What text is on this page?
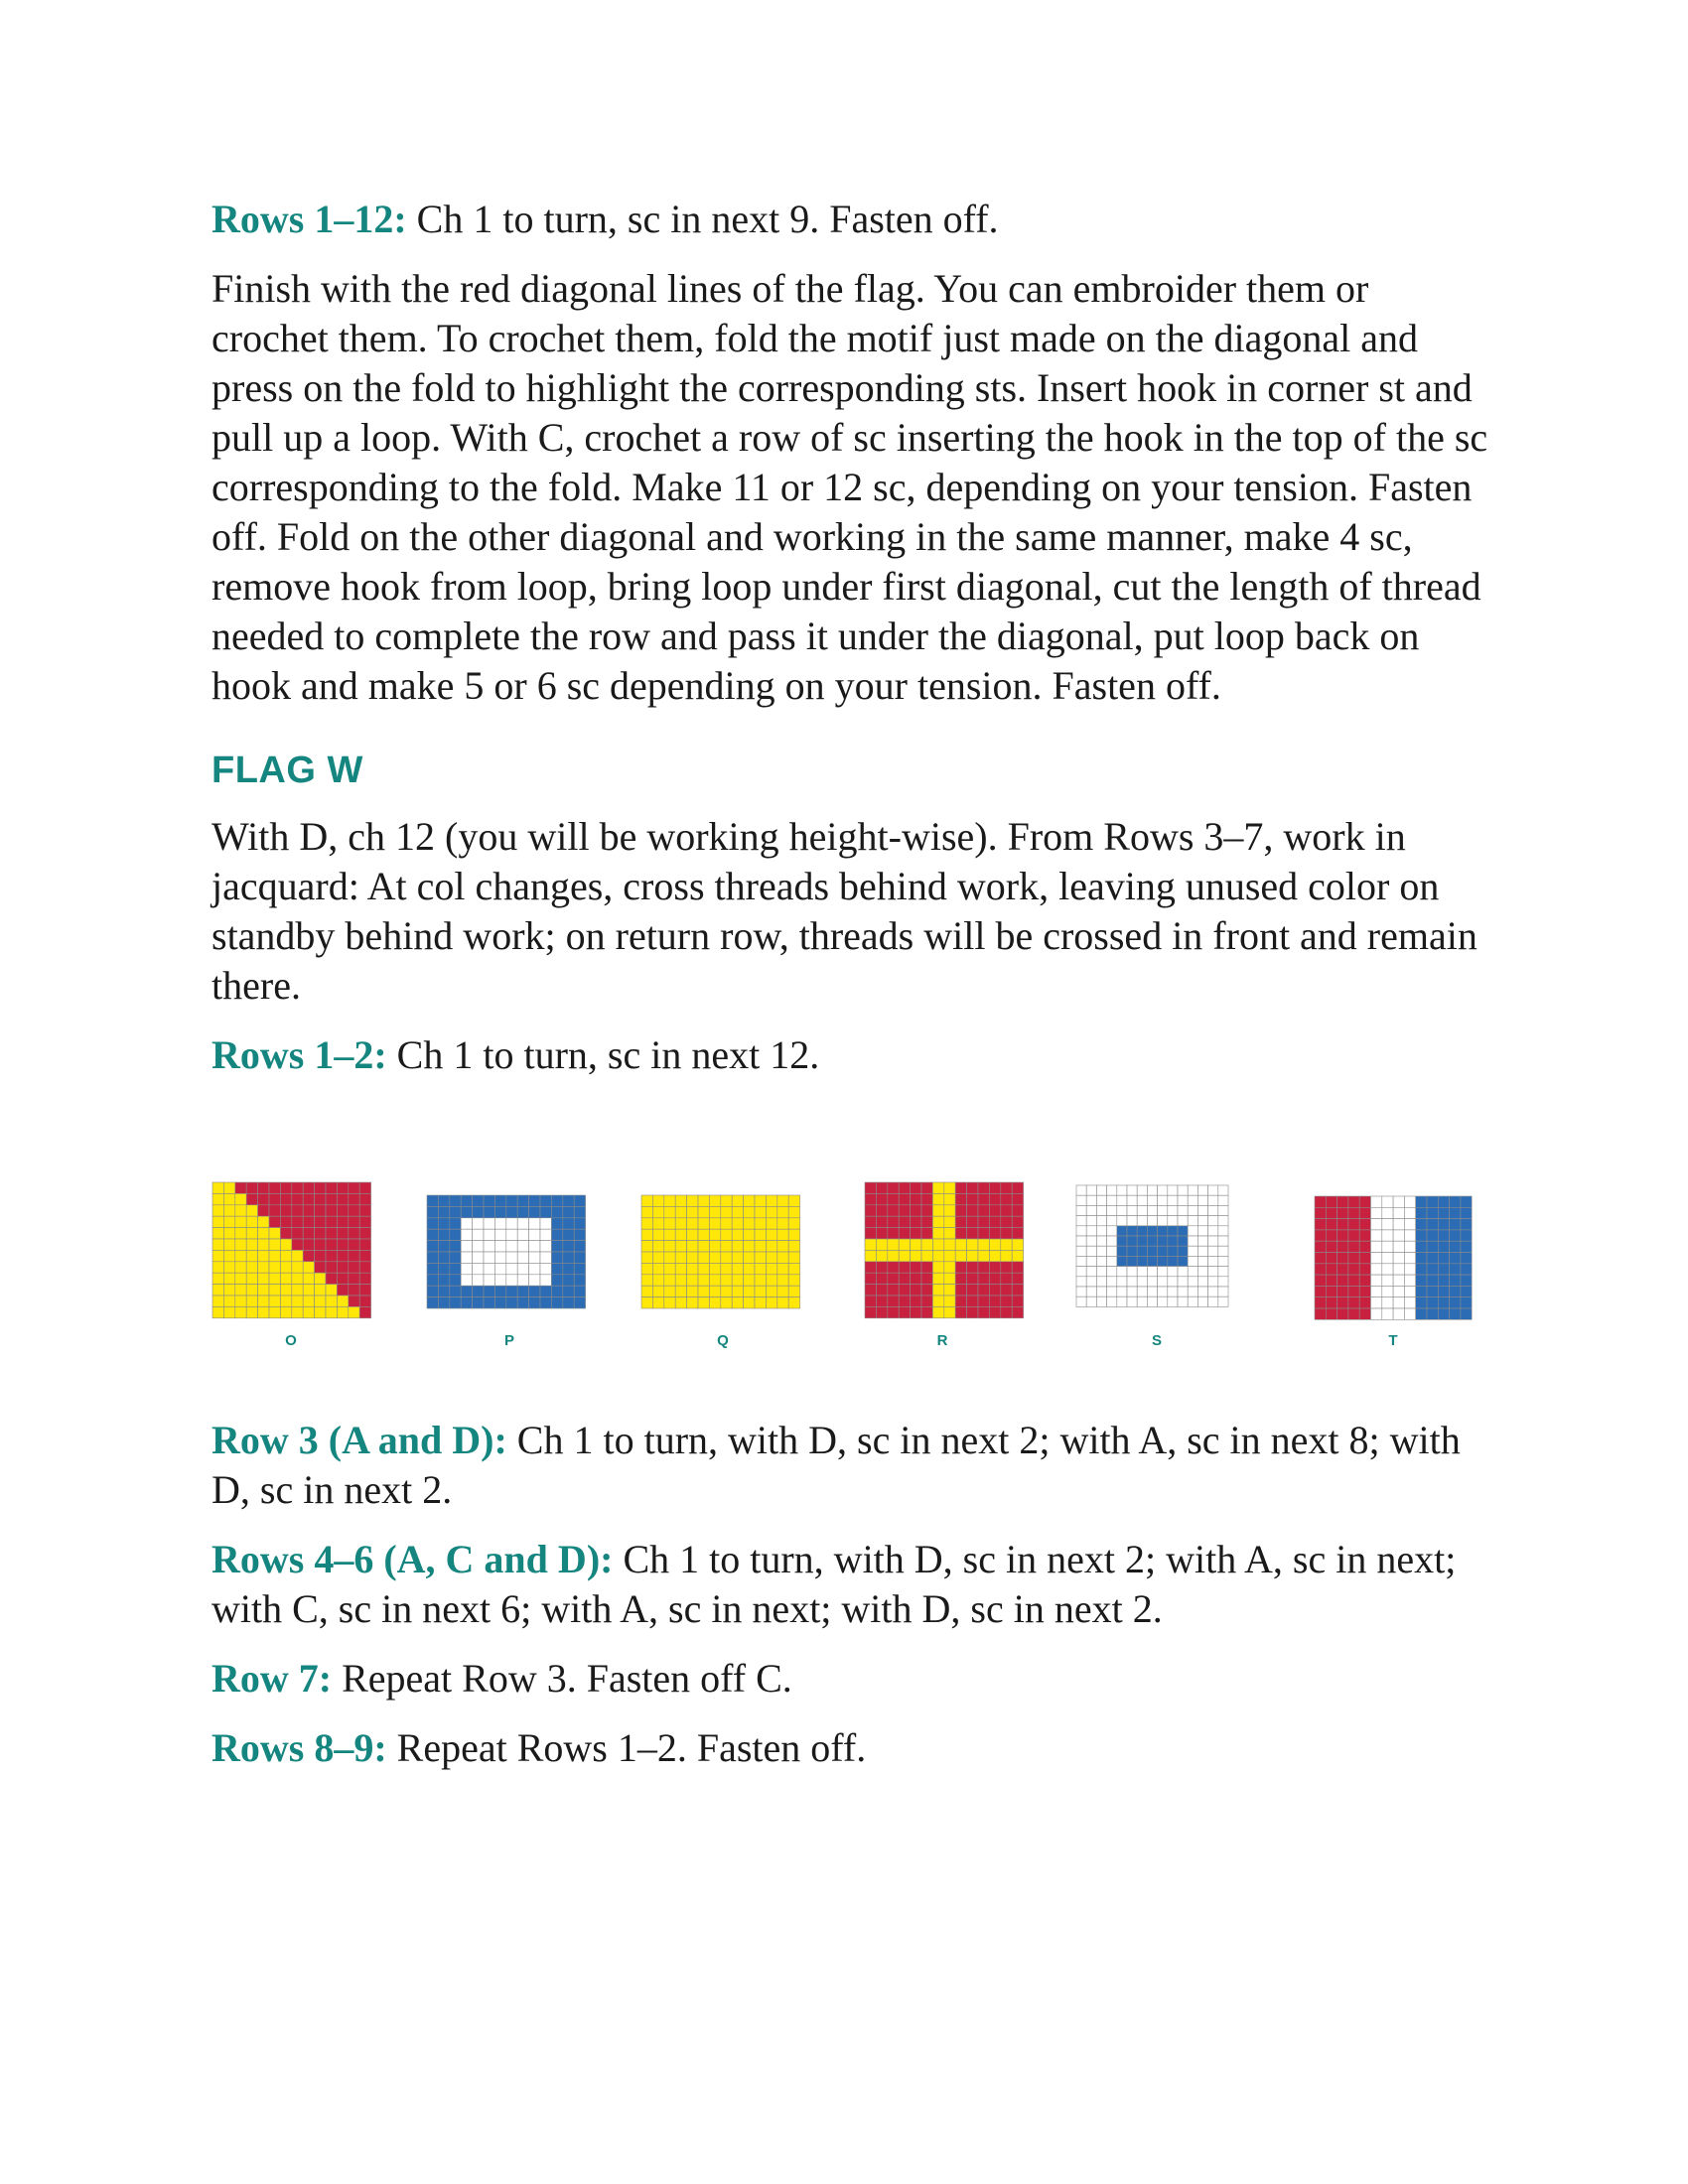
Rows 1–12: Ch 1 to turn, sc in next 9. Fasten off.

Finish with the red diagonal lines of the flag. You can embroider them or crochet them. To crochet them, fold the motif just made on the diagonal and press on the fold to highlight the corresponding sts. Insert hook in corner st and pull up a loop. With C, crochet a row of sc inserting the hook in the top of the sc corresponding to the fold. Make 11 or 12 sc, depending on your tension. Fasten off. Fold on the other diagonal and working in the same manner, make 4 sc, remove hook from loop, bring loop under first diagonal, cut the length of thread needed to complete the row and pass it under the diagonal, put loop back on hook and make 5 or 6 sc depending on your tension. Fasten off.

FLAG W

With D, ch 12 (you will be working height-wise). From Rows 3–7, work in jacquard: At col changes, cross threads behind work, leaving unused color on standby behind work; on return row, threads will be crossed in front and remain there.

Rows 1–2: Ch 1 to turn, sc in next 12.

O	P	Q	R	S	T

Row 3 (A and D): Ch 1 to turn, with D, sc in next 2; with A, sc in next 8; with D, sc in next 2.

Rows 4–6 (A, C and D): Ch 1 to turn, with D, sc in next 2; with A, sc in next; with C, sc in next 6; with A, sc in next; with D, sc in next 2.

Row 7: Repeat Row 3. Fasten off C.

Rows 8–9: Repeat Rows 1–2. Fasten off.
